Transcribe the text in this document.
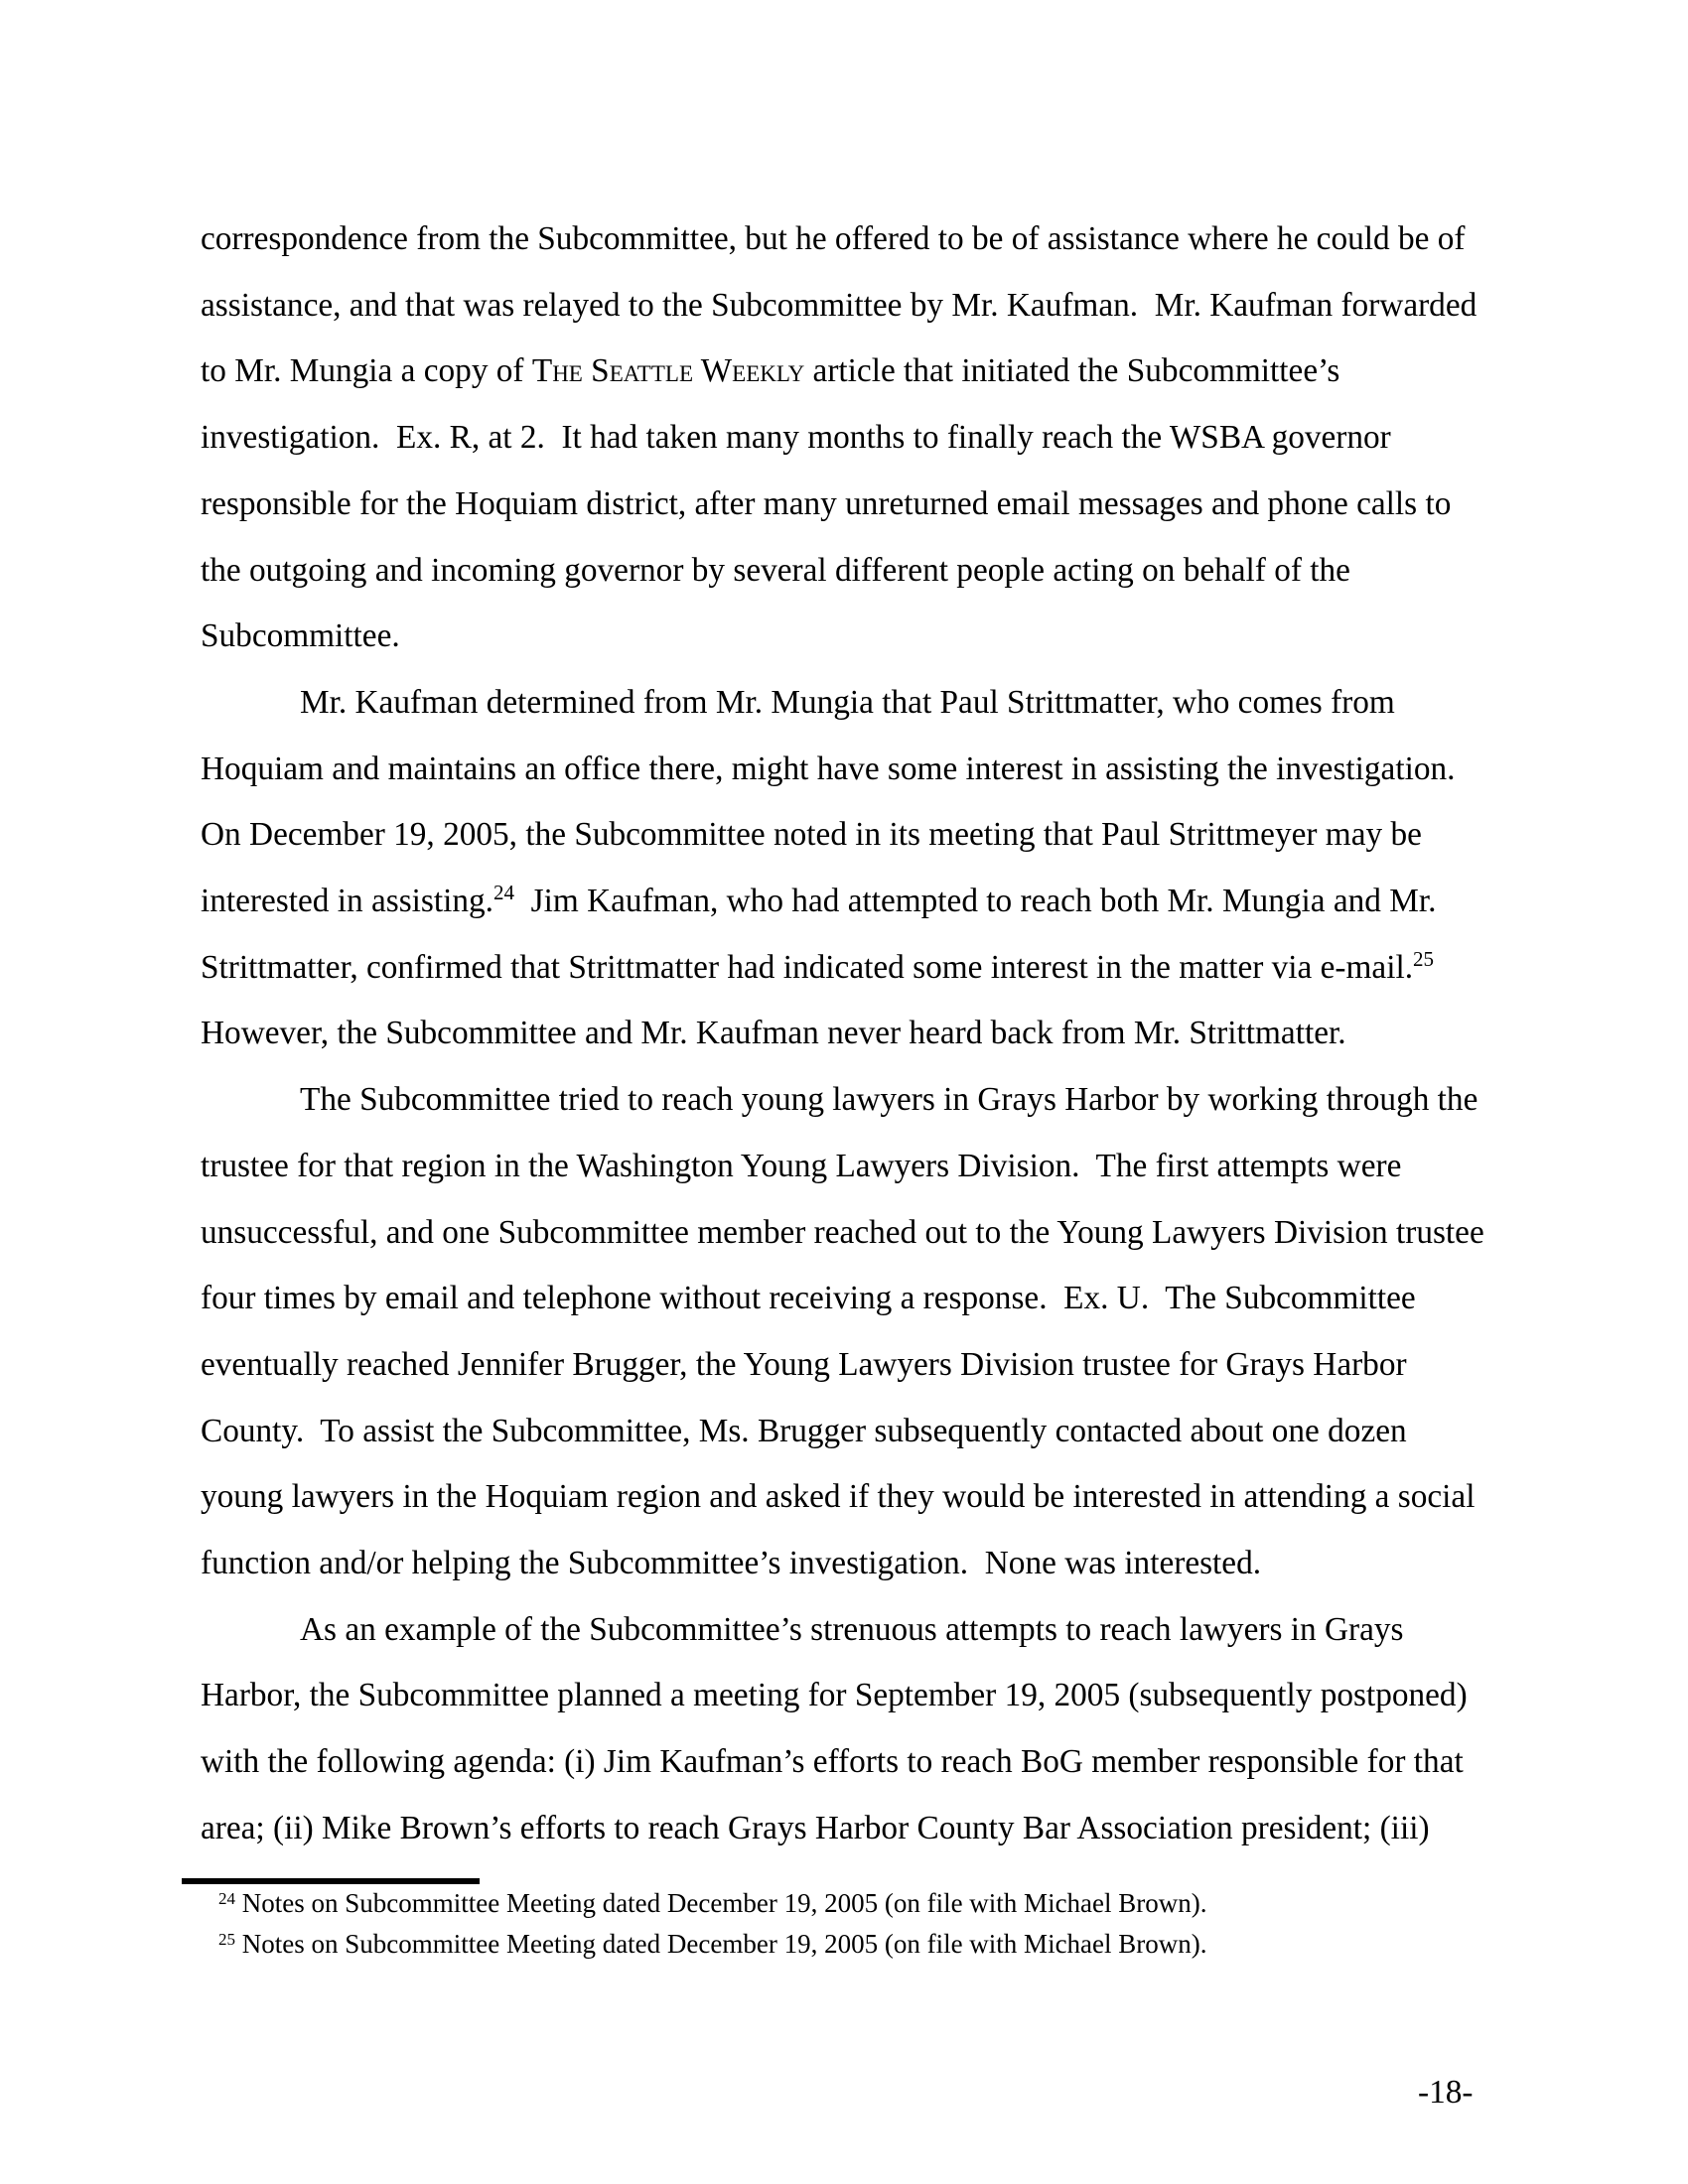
correspondence from the Subcommittee, but he offered to be of assistance where he could be of
assistance, and that was relayed to the Subcommittee by Mr. Kaufman.  Mr. Kaufman forwarded
to Mr. Mungia a copy of The Seattle Weekly article that initiated the Subcommittee’s
investigation.  Ex. R, at 2.  It had taken many months to finally reach the WSBA governor
responsible for the Hoquiam district, after many unreturned email messages and phone calls to
the outgoing and incoming governor by several different people acting on behalf of the
Subcommittee.
Mr. Kaufman determined from Mr. Mungia that Paul Strittmatter, who comes from
Hoquiam and maintains an office there, might have some interest in assisting the investigation.
On December 19, 2005, the Subcommittee noted in its meeting that Paul Strittmeyer may be
interested in assisting.$^{24}$  Jim Kaufman, who had attempted to reach both Mr. Mungia and Mr.
Strittmatter, confirmed that Strittmatter had indicated some interest in the matter via e-mail.$^{25}$
However, the Subcommittee and Mr. Kaufman never heard back from Mr. Strittmatter.
The Subcommittee tried to reach young lawyers in Grays Harbor by working through the
trustee for that region in the Washington Young Lawyers Division.  The first attempts were
unsuccessful, and one Subcommittee member reached out to the Young Lawyers Division trustee
four times by email and telephone without receiving a response.  Ex. U.  The Subcommittee
eventually reached Jennifer Brugger, the Young Lawyers Division trustee for Grays Harbor
County.  To assist the Subcommittee, Ms. Brugger subsequently contacted about one dozen
young lawyers in the Hoquiam region and asked if they would be interested in attending a social
function and/or helping the Subcommittee’s investigation.  None was interested.
As an example of the Subcommittee’s strenuous attempts to reach lawyers in Grays
Harbor, the Subcommittee planned a meeting for September 19, 2005 (subsequently postponed)
with the following agenda: (i) Jim Kaufman’s efforts to reach BoG member responsible for that
area; (ii) Mike Brown’s efforts to reach Grays Harbor County Bar Association president; (iii)
$^{24}$ Notes on Subcommittee Meeting dated December 19, 2005 (on file with Michael Brown).
$^{25}$ Notes on Subcommittee Meeting dated December 19, 2005 (on file with Michael Brown).
-18-
